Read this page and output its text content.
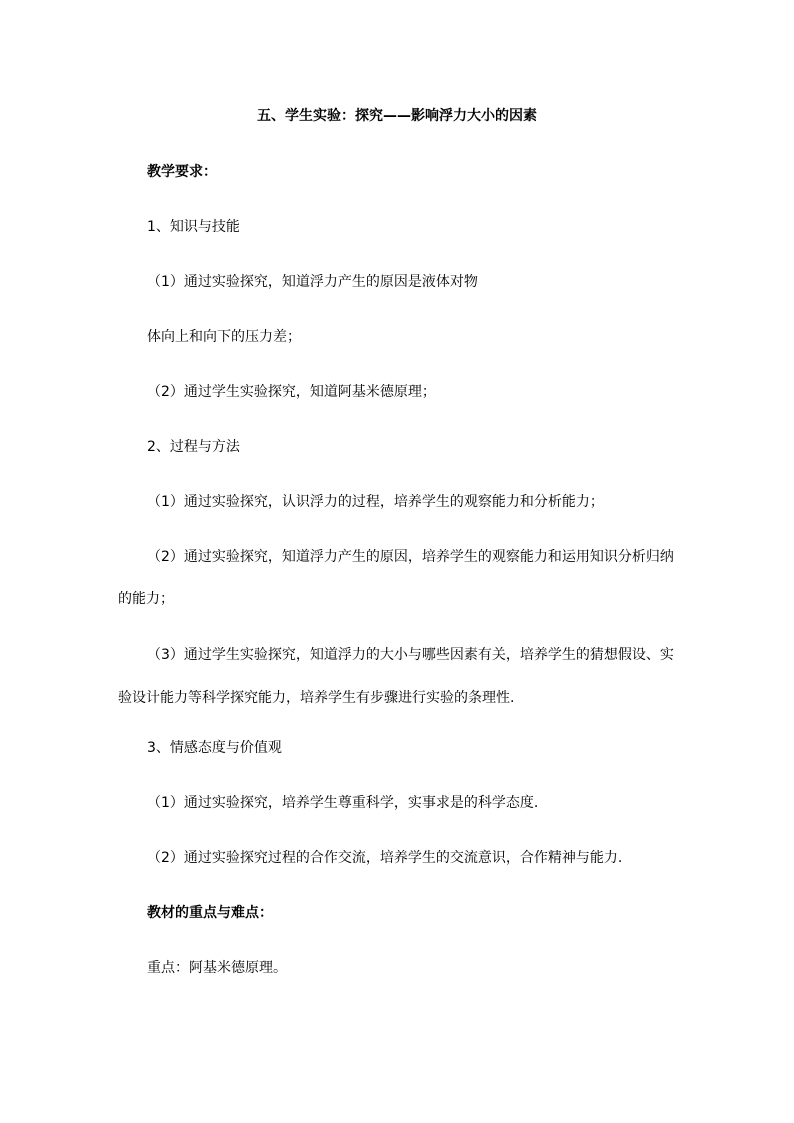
五、学生实验：探究——影响浮力大小的因素
教学要求：
1、知识与技能
（1）通过实验探究，知道浮力产生的原因是液体对物
体向上和向下的压力差；
（2）通过学生实验探究，知道阿基米德原理；
2、过程与方法
（1）通过实验探究，认识浮力的过程，培养学生的观察能力和分析能力；
（2）通过实验探究，知道浮力产生的原因，培养学生的观察能力和运用知识分析归纳
的能力；
（3）通过学生实验探究，知道浮力的大小与哪些因素有关，培养学生的猜想假设、实
验设计能力等科学探究能力，培养学生有步骤进行实验的条理性.
3、情感态度与价值观
（1）通过实验探究，培养学生尊重科学，实事求是的科学态度.
（2）通过实验探究过程的合作交流，培养学生的交流意识，合作精神与能力.
教材的重点与难点：
重点：阿基米德原理。
